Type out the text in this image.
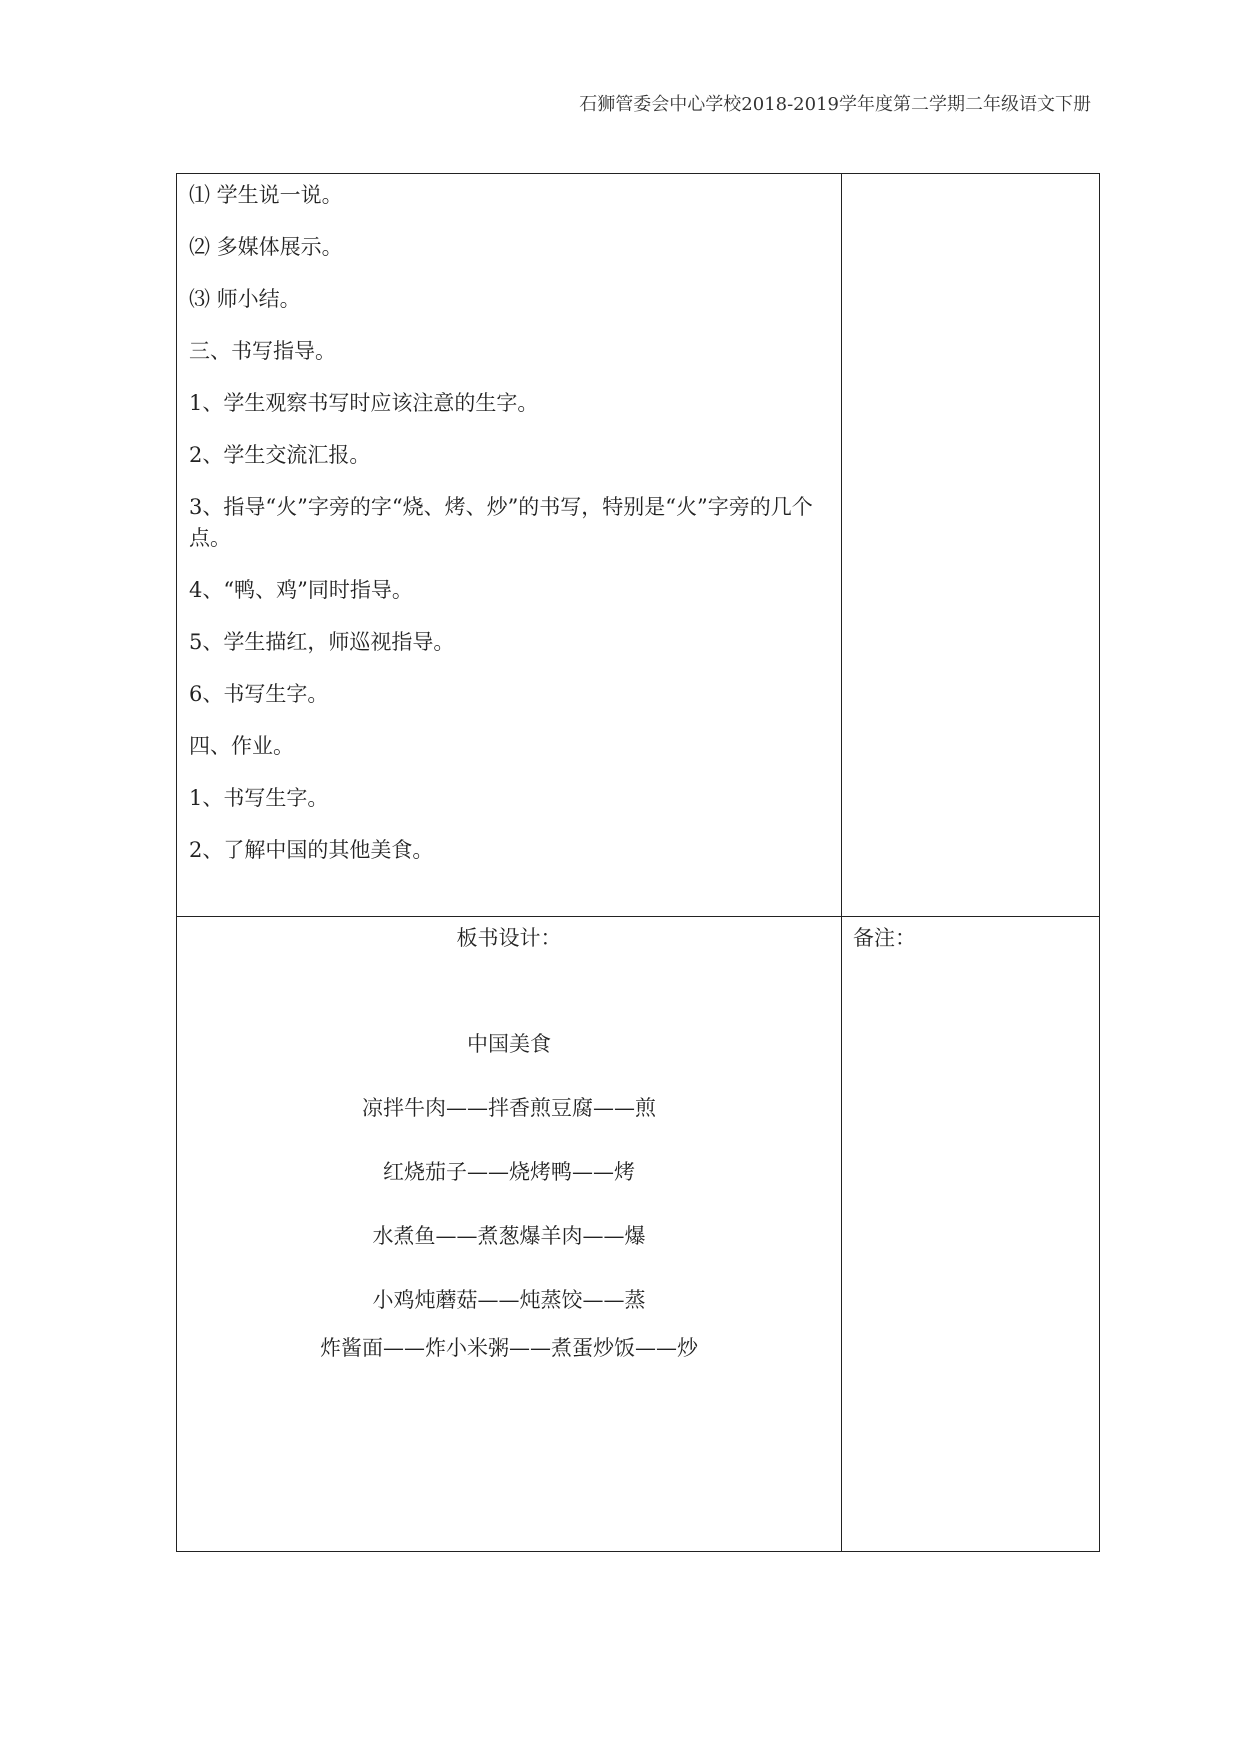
石狮管委会中心学校2018-2019学年度第二学期二年级语文下册
⑴ 学生说一说。
⑵ 多媒体展示。
⑶ 师小结。
三、书写指导。
1、学生观察书写时应该注意的生字。
2、学生交流汇报。
3、指导“火”字旁的字“烧、烤、炒”的书写，特别是“火”字旁的几个点。
4、“鸭、鸡”同时指导。
5、学生描红，师巡视指导。
6、书写生字。
四、作业。
1、书写生字。
2、了解中国的其他美食。
板书设计：
中国美食
凉拌牛肉——拌香煎豆腐——煎
红烧茄子——烧烤鸭——烤
水煮鱼——煮葱爆羊肉——爆
小鸡炖蘑菇——炖蒸饺——蒸
炸酱面——炸小米粥——煮蛋炒饭——炒
备注：
